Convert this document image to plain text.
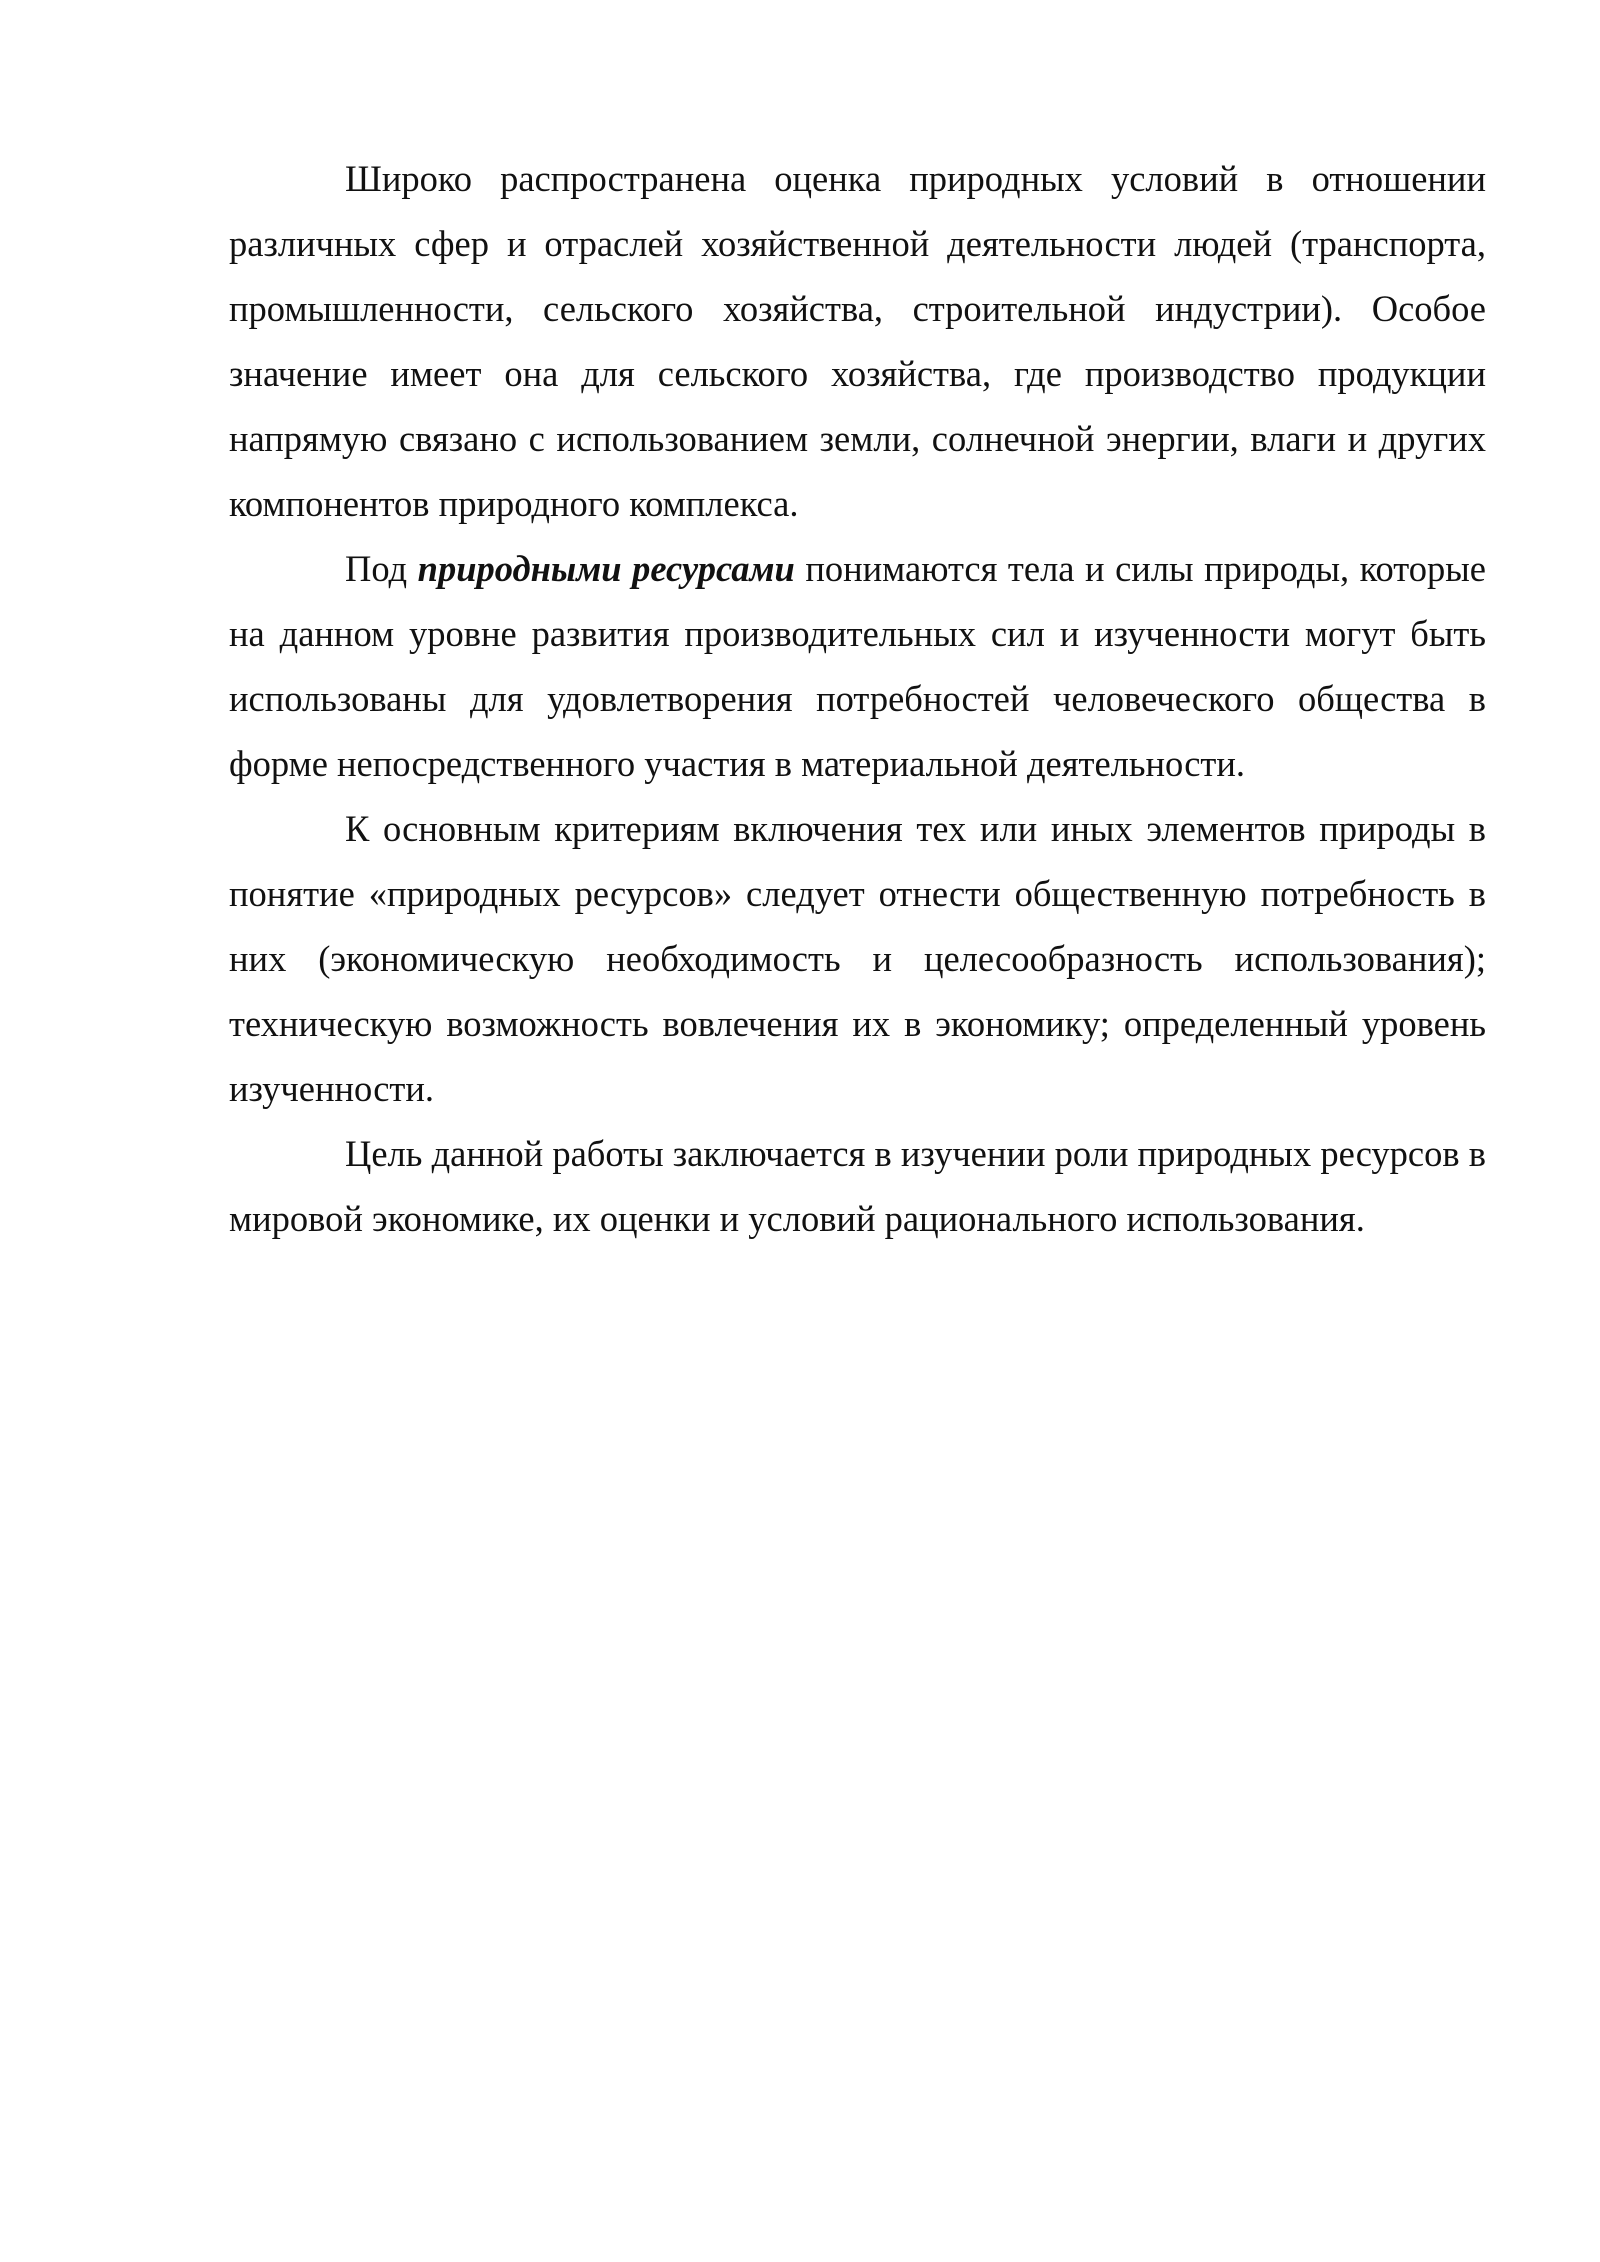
Широко распространена оценка природных условий в отношении различных сфер и отраслей хозяйственной деятельности людей (транспорта, промышленности, сельского хозяйства, строительной индустрии). Особое значение имеет она для сельского хозяйства, где производство продукции напрямую связано с использованием земли, солнечной энергии, влаги и других компонентов природного комплекса.

Под природными ресурсами понимаются тела и силы природы, которые на данном уровне развития производительных сил и изученности могут быть использованы для удовлетворения потребностей человеческого общества в форме непосредственного участия в материальной деятельности.

К основным критериям включения тех или иных элементов природы в понятие «природных ресурсов» следует отнести общественную потребность в них (экономическую необходимость и целесообразность использования); техническую возможность вовлечения их в экономику; определенный уровень изученности.

Цель данной работы заключается в изучении роли природных ресурсов в мировой экономике, их оценки и условий рационального использования.
